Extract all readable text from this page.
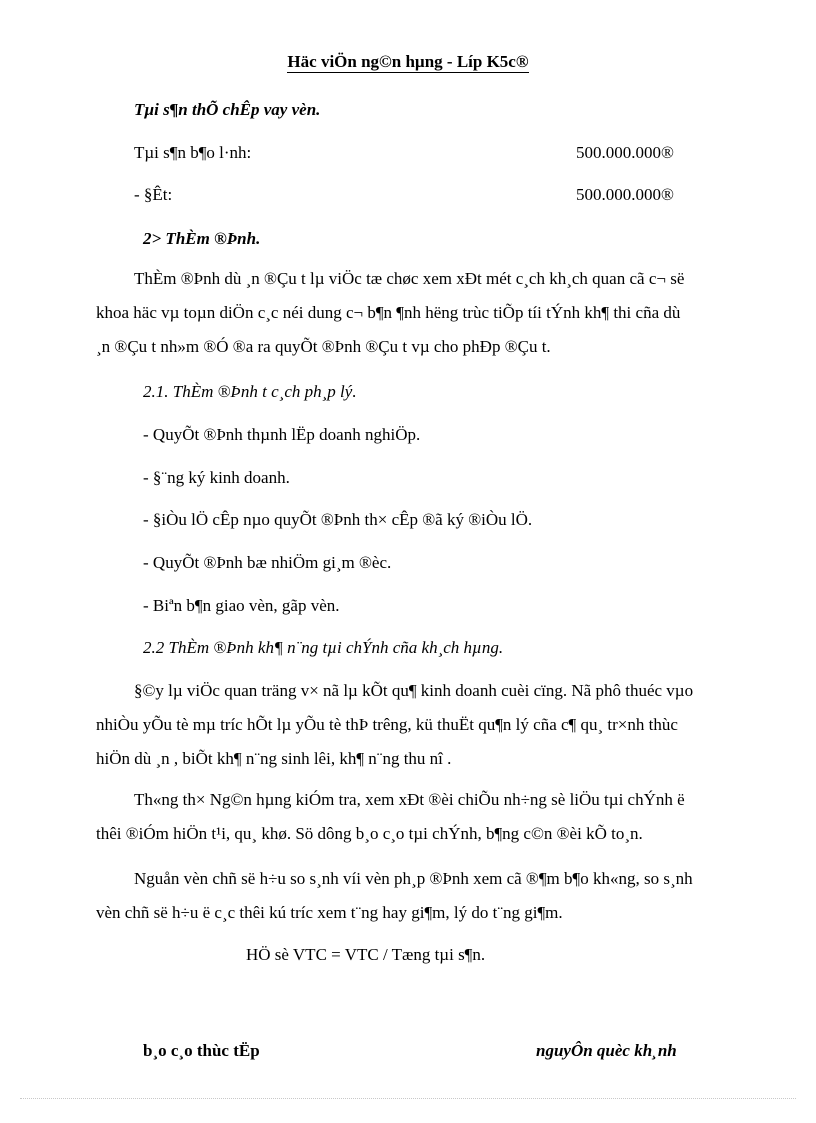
Häc viÖn ng©n hµng - Líp K5c®
Tµi s¶n thÕ chÊp vay vèn.
Tµi s¶n b¶o l·nh:	500.000.000®
- §Êt:	500.000.000®
2> ThÈm ®Þnh.
ThÈm ®Þnh dù ¸n ®Çu t lµ viÖc tæ chøc xem xÐt mét c¸ch kh¸ch quan cã c¬ së
khoa häc vµ toµn diÖn c¸c néi dung c¬ b¶n ¶nh hëng trùc tiÕp tíi tÝnh kh¶ thi cña dù
¸n ®Çu t nh»m ®Ó ®a ra quyÕt ®Þnh ®Çu t vµ cho phÐp ®Çu t.
2.1. ThÈm ®Þnh t c¸ch ph¸p lý.
- QuyÕt ®Þnh thµnh lËp doanh nghiÖp.
- §¨ng ký kinh doanh.
- §iÒu lÖ cÊp nµo quyÕt ®Þnh th× cÊp ®ã ký ®iÒu lÖ.
- QuyÕt ®Þnh bæ nhiÖm gi¸m ®èc.
- Biªn b¶n giao vèn, gãp vèn.
2.2 ThÈm ®Þnh kh¶ n¨ng tµi chÝnh cña kh¸ch hµng.
§©y lµ viÖc quan träng v× nã lµ kÕt qu¶ kinh doanh cuèi cïng. Nã phô thuéc vµo
nhiÒu yÕu tè mµ tríc hÕt lµ yÕu tè thÞ trêng, kü thuËt qu¶n lý cña c¶ qu¸ tr×nh thùc
hiÖn dù ¸n , biÕt kh¶ n¨ng sinh lêi, kh¶ n¨ng thu nî .
Th«ng th× Ng©n hµng kiÓm tra, xem xÐt ®èi chiÕu nh÷ng sè liÖu tµi chÝnh ë
thêi ®iÓm hiÖn t¹i, qu¸ khø. Sö dông b¸o c¸o tµi chÝnh, b¶ng c©n ®èi kÕ to¸n.
Nguån vèn chñ së h÷u so s¸nh víi vèn ph¸p ®Þnh xem cã ®¶m b¶o kh«ng, so s¸nh
vèn chñ së h÷u ë c¸c thêi kú tríc xem t¨ng hay gi¶m, lý do t¨ng gi¶m.
HÖ sè VTC = VTC / Tæng tµi s¶n.
b¸o c¸o thùc tËp	nguyÔn quèc kh¸nh
